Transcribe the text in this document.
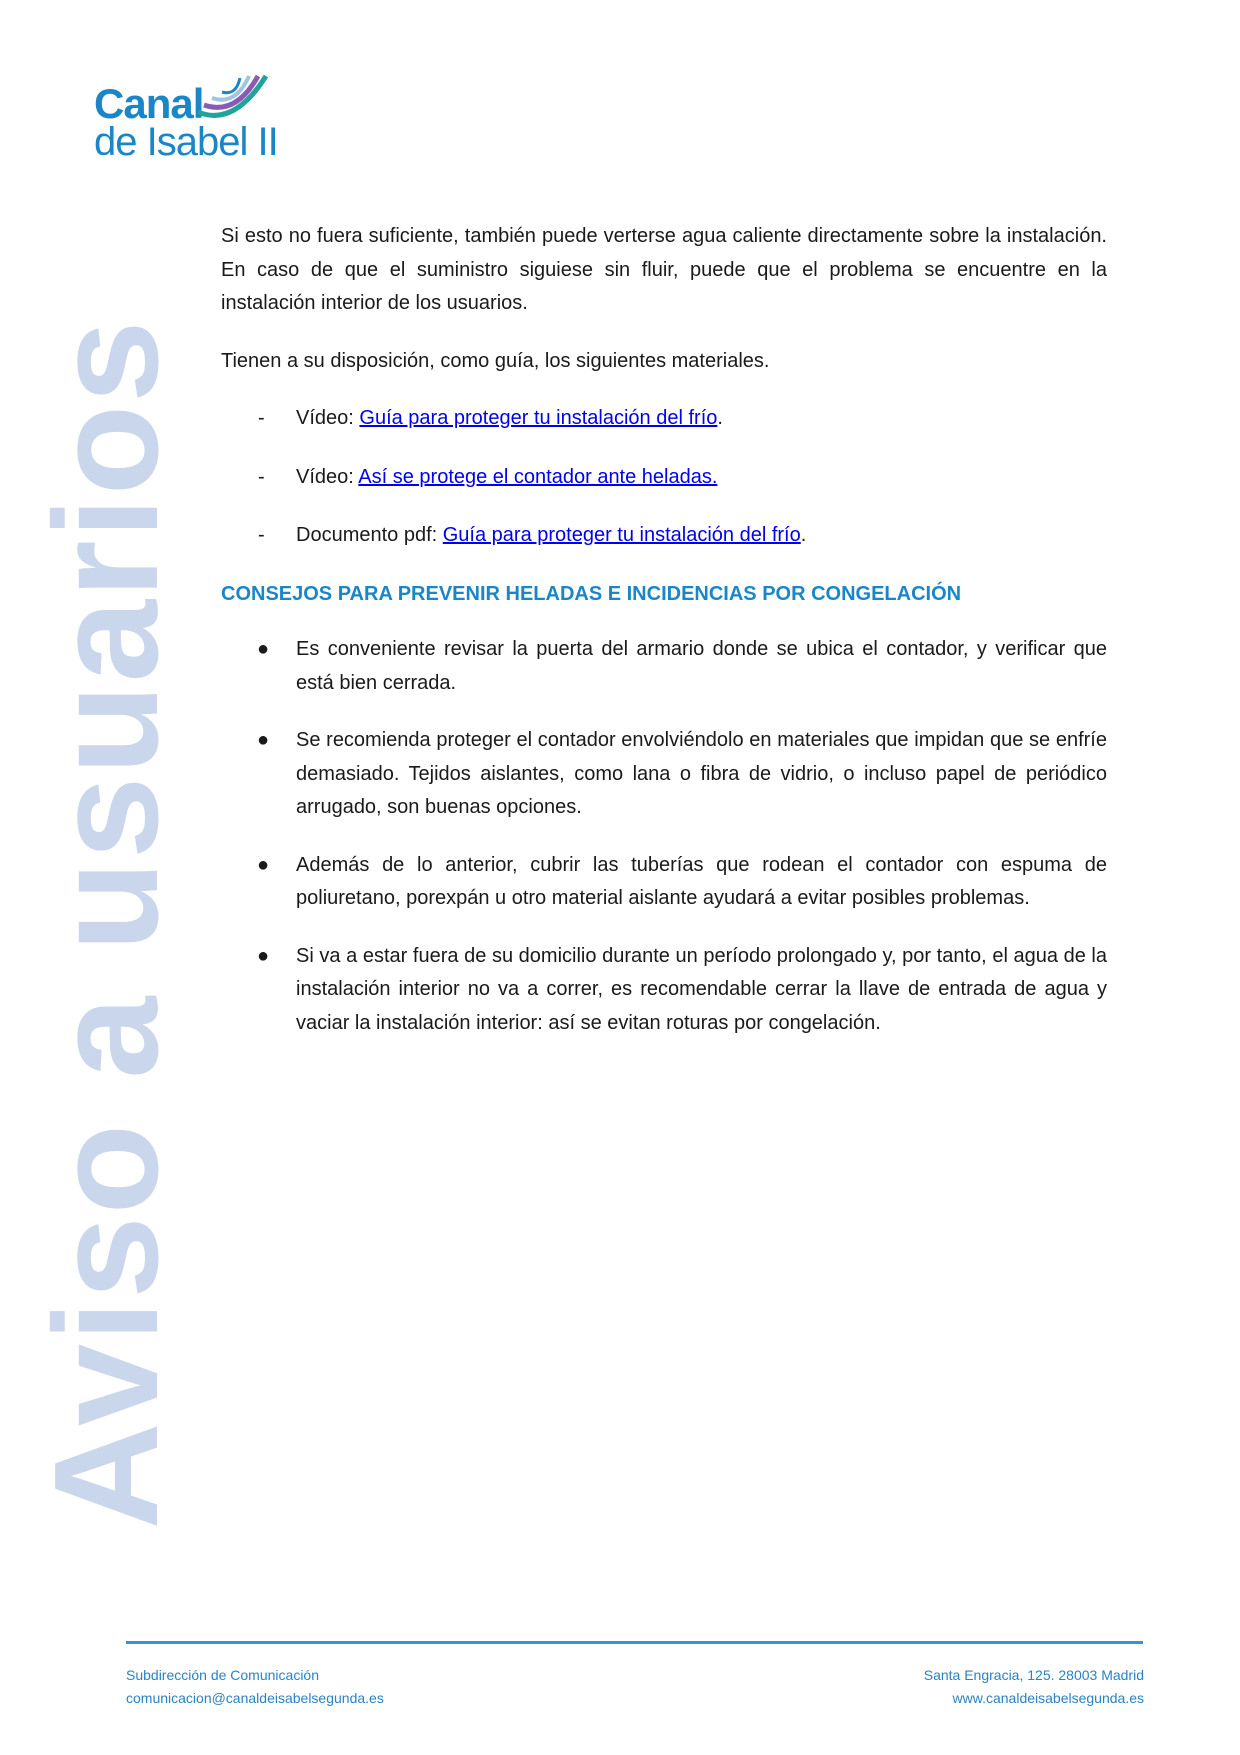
Canal
de Isabel II
Aviso a usuarios

Si esto no fuera suficiente, también puede verterse agua caliente directamente sobre la instalación. En caso de que el suministro siguiese sin fluir, puede que el problema se encuentre en la instalación interior de los usuarios.

Tienen a su disposición, como guía, los siguientes materiales.

- Vídeo: Guía para proteger tu instalación del frío.
- Vídeo: Así se protege el contador ante heladas.
- Documento pdf: Guía para proteger tu instalación del frío.
CONSEJOS PARA PREVENIR HELADAS E INCIDENCIAS POR CONGELACIÓN
● Es conveniente revisar la puerta del armario donde se ubica el contador, y verificar que está bien cerrada.
● Se recomienda proteger el contador envolviéndolo en materiales que impidan que se enfríe demasiado. Tejidos aislantes, como lana o fibra de vidrio, o incluso papel de periódico arrugado, son buenas opciones.
● Además de lo anterior, cubrir las tuberías que rodean el contador con espuma de poliuretano, porexpán u otro material aislante ayudará a evitar posibles problemas.
● Si va a estar fuera de su domicilio durante un período prolongado y, por tanto, el agua de la instalación interior no va a correr, es recomendable cerrar la llave de entrada de agua y vaciar la instalación interior: así se evitan roturas por congelación.
Subdirección de Comunicación
comunicacion@canaldeisabelsegunda.es
Santa Engracia, 125. 28003 Madrid
www.canaldeisabelsegunda.es
